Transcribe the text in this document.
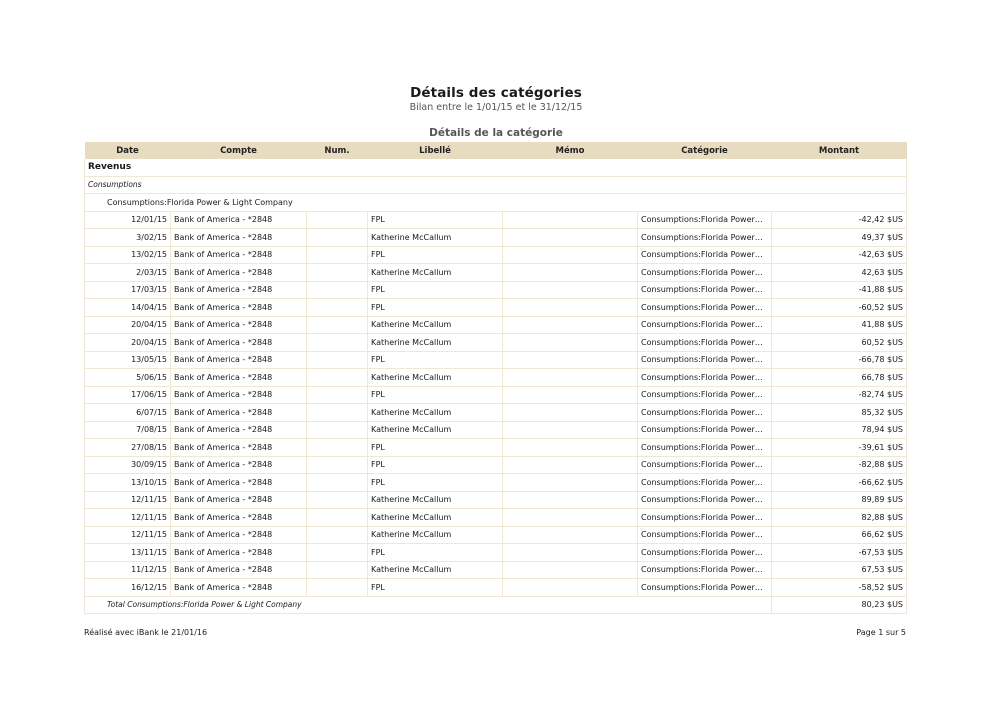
Détails des catégories
Bilan entre le 1/01/15 et le 31/12/15
Détails de la catégorie
Date	Compte	Num.	Libellé	Mémo	Catégorie	Montant
Revenus						
Consumptions						
Consumptions:Florida Power & Light Company						
12/01/15	Bank of America - *2848		FPL		Consumptions:Florida Power…	-42,42 $US
3/02/15	Bank of America - *2848		Katherine McCallum		Consumptions:Florida Power…	49,37 $US
13/02/15	Bank of America - *2848		FPL		Consumptions:Florida Power…	-42,63 $US
2/03/15	Bank of America - *2848		Katherine McCallum		Consumptions:Florida Power…	42,63 $US
17/03/15	Bank of America - *2848		FPL		Consumptions:Florida Power…	-41,88 $US
14/04/15	Bank of America - *2848		FPL		Consumptions:Florida Power…	-60,52 $US
20/04/15	Bank of America - *2848		Katherine McCallum		Consumptions:Florida Power…	41,88 $US
20/04/15	Bank of America - *2848		Katherine McCallum		Consumptions:Florida Power…	60,52 $US
13/05/15	Bank of America - *2848		FPL		Consumptions:Florida Power…	-66,78 $US
5/06/15	Bank of America - *2848		Katherine McCallum		Consumptions:Florida Power…	66,78 $US
17/06/15	Bank of America - *2848		FPL		Consumptions:Florida Power…	-82,74 $US
6/07/15	Bank of America - *2848		Katherine McCallum		Consumptions:Florida Power…	85,32 $US
7/08/15	Bank of America - *2848		Katherine McCallum		Consumptions:Florida Power…	78,94 $US
27/08/15	Bank of America - *2848		FPL		Consumptions:Florida Power…	-39,61 $US
30/09/15	Bank of America - *2848		FPL		Consumptions:Florida Power…	-82,88 $US
13/10/15	Bank of America - *2848		FPL		Consumptions:Florida Power…	-66,62 $US
12/11/15	Bank of America - *2848		Katherine McCallum		Consumptions:Florida Power…	89,89 $US
12/11/15	Bank of America - *2848		Katherine McCallum		Consumptions:Florida Power…	82,88 $US
12/11/15	Bank of America - *2848		Katherine McCallum		Consumptions:Florida Power…	66,62 $US
13/11/15	Bank of America - *2848		FPL		Consumptions:Florida Power…	-67,53 $US
11/12/15	Bank of America - *2848		Katherine McCallum		Consumptions:Florida Power…	67,53 $US
16/12/15	Bank of America - *2848		FPL		Consumptions:Florida Power…	-58,52 $US
Total Consumptions:Florida Power & Light Company						80,23 $US
Réalisé avec iBank le 21/01/16	Page 1 sur 5
